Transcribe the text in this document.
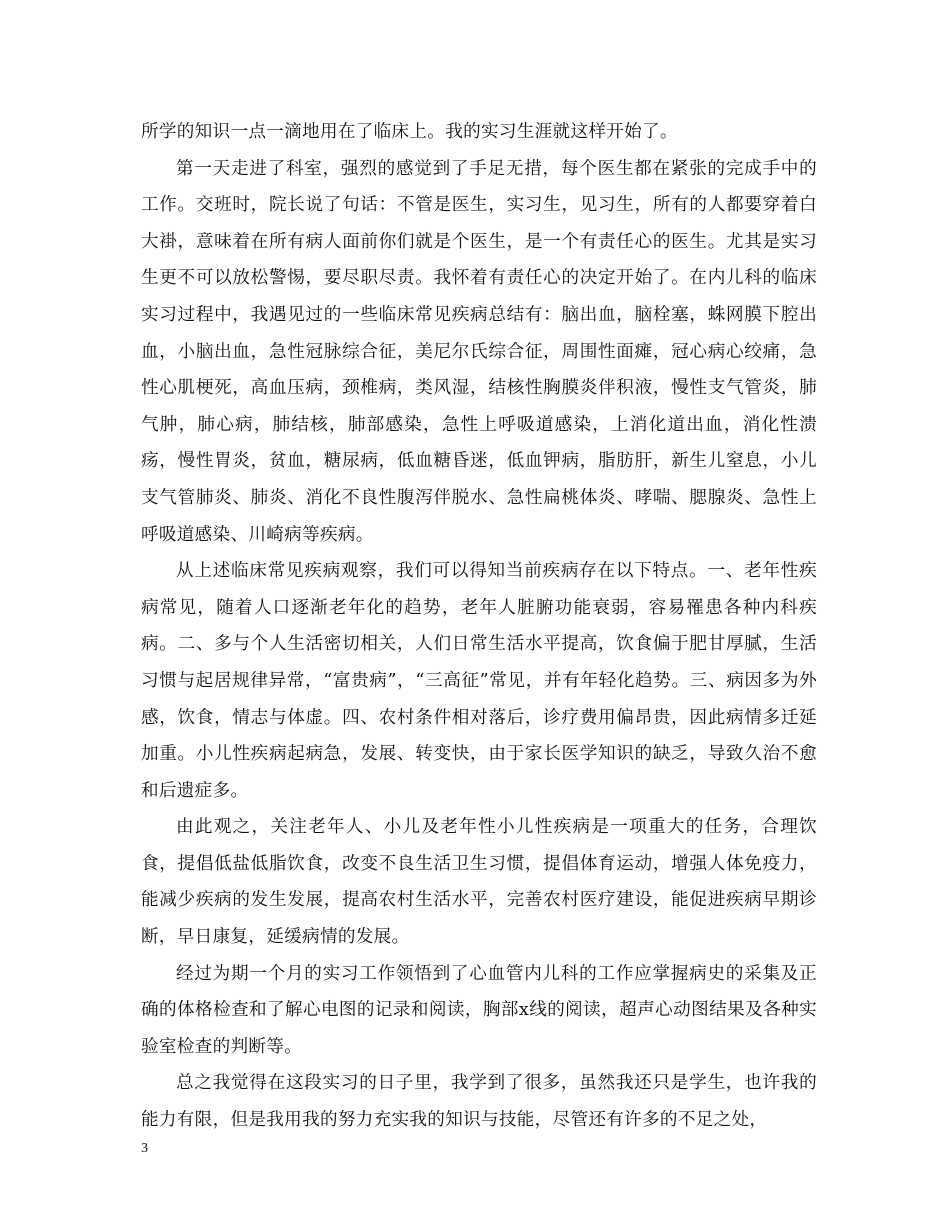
所学的知识一点一滴地用在了临床上。我的实习生涯就这样开始了。

第一天走进了科室，强烈的感觉到了手足无措，每个医生都在紧张的完成手中的工作。交班时，院长说了句话：不管是医生，实习生，见习生，所有的人都要穿着白大褂，意味着在所有病人面前你们就是个医生，是一个有责任心的医生。尤其是实习生更不可以放松警惕，要尽职尽责。我怀着有责任心的决定开始了。在内儿科的临床实习过程中，我遇见过的一些临床常见疾病总结有：脑出血，脑栓塞，蛛网膜下腔出血，小脑出血，急性冠脉综合征，美尼尔氏综合征，周围性面瘫，冠心病心绞痛，急性心肌梗死，高血压病，颈椎病，类风湿，结核性胸膜炎伴积液，慢性支气管炎，肺气肿，肺心病，肺结核，肺部感染，急性上呼吸道感染，上消化道出血，消化性溃疡，慢性胃炎，贫血，糖尿病，低血糖昏迷，低血钾病，脂肪肝，新生儿窒息，小儿支气管肺炎、肺炎、消化不良性腹泻伴脱水、急性扁桃体炎、哮喘、腮腺炎、急性上呼吸道感染、川崎病等疾病。

从上述临床常见疾病观察，我们可以得知当前疾病存在以下特点。一、老年性疾病常见，随着人口逐渐老年化的趋势，老年人脏腑功能衰弱，容易罹患各种内科疾病。二、多与个人生活密切相关，人们日常生活水平提高，饮食偏于肥甘厚腻，生活习惯与起居规律异常，“富贵病”，“三高征”常见，并有年轻化趋势。三、病因多为外感，饮食，情志与体虚。四、农村条件相对落后，诊疗费用偏昂贵，因此病情多迁延加重。小儿性疾病起病急，发展、转变快，由于家长医学知识的缺乏，导致久治不愈和后遗症多。

由此观之，关注老年人、小儿及老年性小儿性疾病是一项重大的任务，合理饮食，提倡低盐低脂饮食，改变不良生活卫生习惯，提倡体育运动，增强人体免疫力，能减少疾病的发生发展，提高农村生活水平，完善农村医疗建设，能促进疾病早期诊断，早日康复，延缓病情的发展。

经过为期一个月的实习工作领悟到了心血管内儿科的工作应掌握病史的采集及正确的体格检查和了解心电图的记录和阅读，胸部x线的阅读，超声心动图结果及各种实验室检查的判断等。

总之我觉得在这段实习的日子里，我学到了很多，虽然我还只是学生，也许我的能力有限，但是我用我的努力充实我的知识与技能，尽管还有许多的不足之处，

3
